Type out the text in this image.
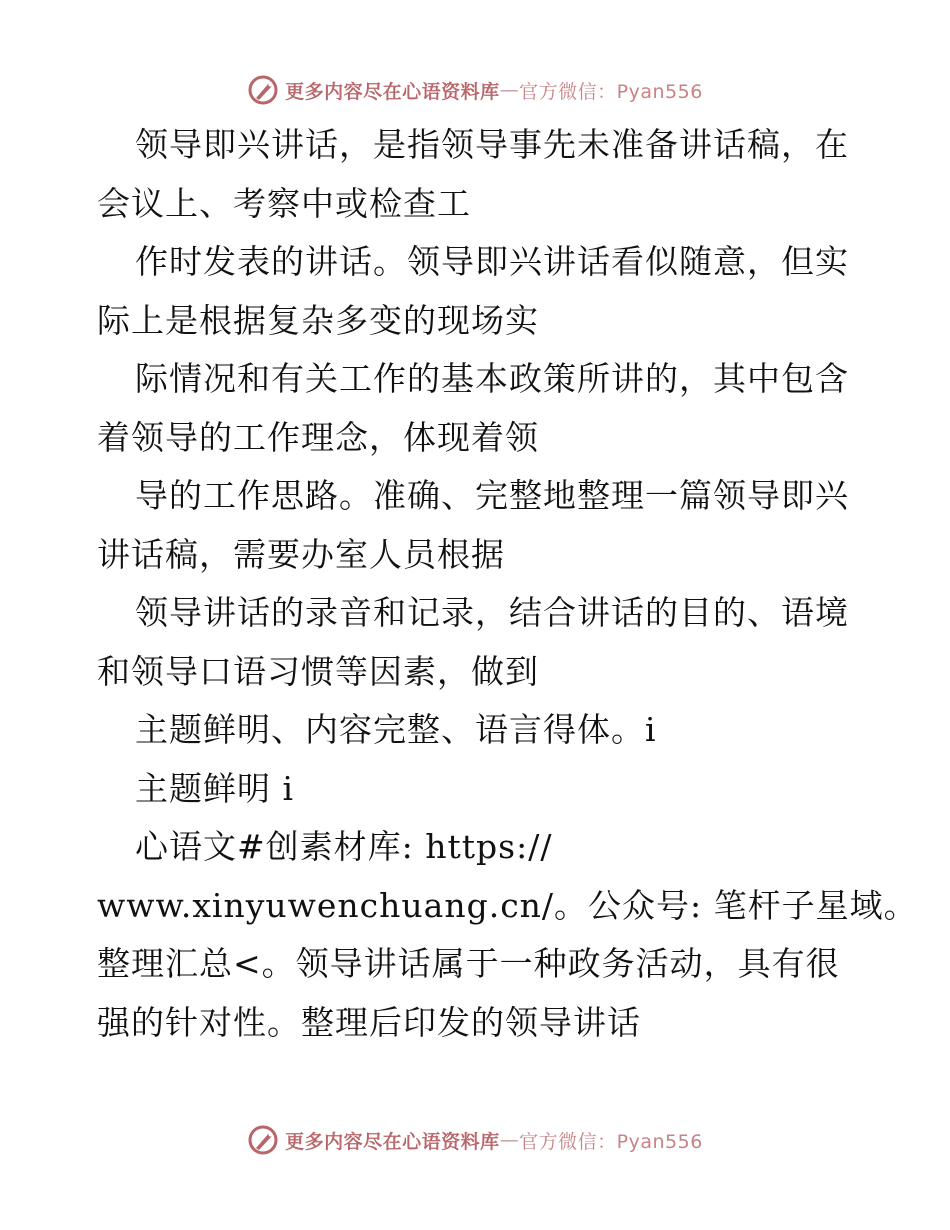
更多内容尽在心语资料库 — 官方微信：Pyan556
领导即兴讲话，是指领导事先未准备讲话稿，在
会议上、考察中或检查工
作时发表的讲话。领导即兴讲话看似随意，但实
际上是根据复杂多变的现场实
际情况和有关工作的基本政策所讲的，其中包含
着领导的工作理念，体现着领
导的工作思路。准确、完整地整理一篇领导即兴
讲话稿，需要办室人员根据
领导讲话的录音和记录，结合讲话的目的、语境
和领导口语习惯等因素，做到
主题鲜明、内容完整、语言得体。i
主题鲜明 i
心语文#创素材库: https://
www.xinyuwenchuang.cn/。公众号: 笔杆子星域。
整理汇总<。领导讲话属于一种政务活动，具有很
强的针对性。整理后印发的领导讲话
更多内容尽在心语资料库 — 官方微信：Pyan556
